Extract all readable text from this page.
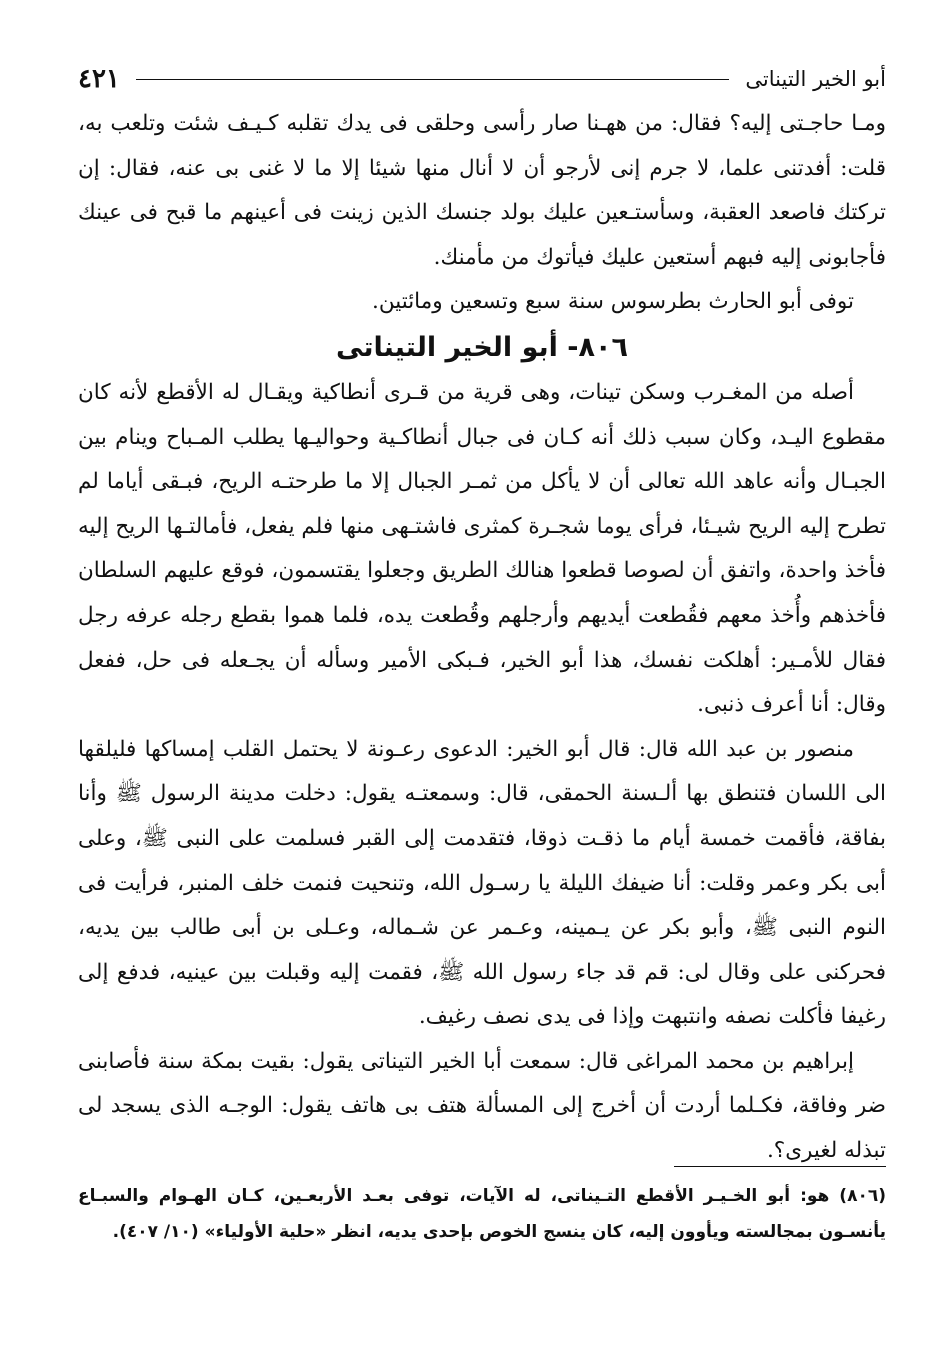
أبو الخير التيناتى
٤٢١

ومـا حاجـتى إليه؟ فقال: من ههـنا صار رأسى وحلقى فى يدك تقلبه كـيـف شئت وتلعب به، قلت: أفدتنى علما، لا جرم إنى لأرجو أن لا أنال منها شيئا إلا ما لا غنى بى عنه، فقال: إن تركتك فاصعد العقبة، وسأستـعين عليك بولد جنسك الذين زينت فى أعينهم ما قبح فى عينك فأجابونى إليه فبهم أستعين عليك فيأتوك من مأمنك.

توفى أبو الحارث بطرسوس سنة سبع وتسعين ومائتين.

٨٠٦- أبو الخير التيناتى

أصله من المغـرب وسكن تينات، وهى قرية من قـرى أنطاكية ويقـال له الأقطع لأنه كان مقطوع اليـد، وكان سبب ذلك أنه كـان فى جبال أنطاكـية وحواليـها يطلب المـباح وينام بين الجبـال وأنه عاهد الله تعالى أن لا يأكل من ثمـر الجبال إلا ما طرحتـه الريح، فبـقى أياما لم تطرح إليه الريح شيـئا، فرأى يوما شجـرة كمثرى فاشتـهى منها فلم يفعل، فأمالتـها الريح إليه فأخذ واحدة، واتفق أن لصوصا قطعوا هنالك الطريق وجعلوا يقتسمون، فوقع عليهم السلطان فأخذهم وأُخذ معهم فقُطعت أيديهم وأرجلهم وقُطعت يده، فلما هموا بقطع رجله عرفه رجل فقال للأمـير: أهلكت نفسك، هذا أبو الخير، فـبكى الأمير وسأله أن يجـعله فى حل، ففعل وقال: أنا أعرف ذنبى.

منصور بن عبد الله قال: قال أبو الخير: الدعوى رعـونة لا يحتمل القلب إمساكها فليلقها الى اللسان فتنطق بها ألـسنة الحمقى، قال: وسمعتـه يقول: دخلت مدينة الرسول ﷺ وأنا بفاقة، فأقمت خمسة أيام ما ذقـت ذوقا، فتقدمت إلى القبر فسلمت على النبى ﷺ، وعلى أبى بكر وعمر وقلت: أنا ضيفك الليلة يا رسـول الله، وتنحيت فنمت خلف المنبر، فرأيت فى النوم النبى ﷺ، وأبو بكر عن يـمينه، وعـمر عن شـماله، وعـلى بن أبى طالب بين يديه، فحركنى على وقال لى: قم قد جاء رسول الله ﷺ، فقمت إليه وقبلت بين عينيه، فدفع إلى رغيفا فأكلت نصفه وانتبهت وإذا فى يدى نصف رغيف.

إبراهيم بن محمد المراغى قال: سمعت أبا الخير التيناتى يقول: بقيت بمكة سنة فأصابنى ضر وفاقة، فكـلما أردت أن أخرج إلى المسألة هتف بى هاتف يقول: الوجـه الذى يسجد لى تبذله لغيرى؟.

(٨٠٦) هو: أبو الخـيـر الأقطع التـيناتى، له الآيات، توفى بعـد الأربعـين، كـان الهـوام والسبـاع يأنسـون بمجالسته ويأوون إليه، كان ينسج الخوص بإحدى يديه، انظر «حلية الأولياء» (١٠/ ٤٠٧).
